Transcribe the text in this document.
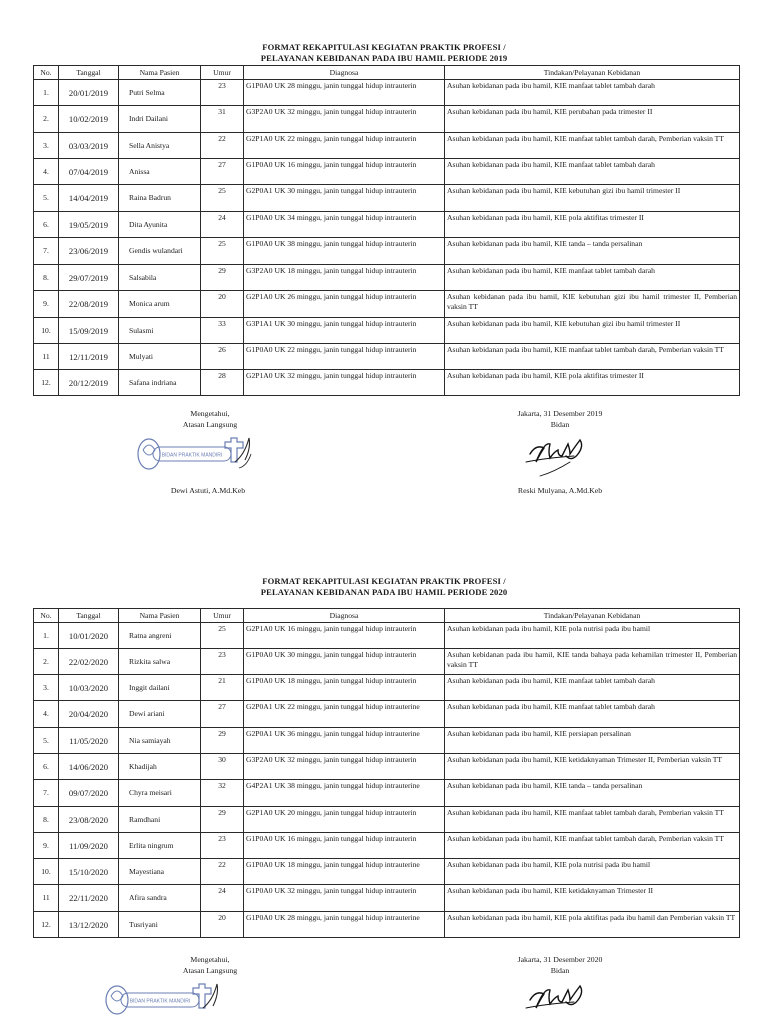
FORMAT REKAPITULASI KEGIATAN PRAKTIK PROFESI /
PELAYANAN KEBIDANAN PADA IBU HAMIL PERIODE 2019
No.	Tanggal	Nama Pasien	Umur	Diagnosa	Tindakan/Pelayanan Kebidanan
1.	20/01/2019	Putri Selma	23	G1P0A0 UK 28 minggu, janin tunggal hidup intrauterin	Asuhan kebidanan pada ibu hamil, KIE manfaat tablet tambah darah
2.	10/02/2019	Indri Dailani	31	G3P2A0 UK 32 minggu, janin tunggal hidup intrauterin	Asuhan kebidanan pada ibu hamil, KIE perubahan pada trimester II
3.	03/03/2019	Sella Anistya	22	G2P1A0 UK 22 minggu, janin tunggal hidup intrauterin	Asuhan kebidanan pada ibu hamil, KIE manfaat tablet tambah darah, Pemberian vaksin TT
4.	07/04/2019	Anissa	27	G1P0A0 UK 16 minggu, janin tunggal hidup intrauterin	Asuhan kebidanan pada ibu hamil, KIE manfaat tablet tambah darah
5.	14/04/2019	Raina Badrun	25	G2P0A1 UK 30 minggu, janin tunggal hidup intrauterin	Asuhan kebidanan pada ibu hamil, KIE kebutuhan gizi ibu hamil trimester II
6.	19/05/2019	Dita Ayunita	24	G1P0A0 UK 34 minggu, janin tunggal hidup intrauterin	Asuhan kebidanan pada ibu hamil, KIE pola aktifitas trimester II
7.	23/06/2019	Gendis wulandari	25	G1P0A0 UK 38 minggu, janin tunggal hidup intrauterin	Asuhan kebidanan pada ibu hamil, KIE tanda – tanda persalinan
8.	29/07/2019	Salsabila	29	G3P2A0 UK 18 minggu, janin tunggal hidup intrauterin	Asuhan kebidanan pada ibu hamil, KIE manfaat tablet tambah darah
9.	22/08/2019	Monica arum	20	G2P1A0 UK 26 minggu, janin tunggal hidup intrauterin	Asuhan kebidanan pada ibu hamil, KIE kebutuhan gizi ibu hamil trimester II, Pemberian vaksin TT
10.	15/09/2019	Sulasmi	33	G3P1A1 UK 30 minggu, janin tunggal hidup intrauterin	Asuhan kebidanan pada ibu hamil, KIE kebutuhan gizi ibu hamil trimester II
11	12/11/2019	Mulyati	26	G1P0A0 UK 22 minggu, janin tunggal hidup intrauterin	Asuhan kebidanan pada ibu hamil, KIE manfaat tablet tambah darah, Pemberian vaksin TT
12.	20/12/2019	Safana indriana	28	G2P1A0 UK 32 minggu, janin tunggal hidup intrauterin	Asuhan kebidanan pada ibu hamil, KIE pola aktifitas trimester II
Mengetahui,
Atasan Langsung
BIDAN PRAKTIK MANDIRI
Dewi Astuti, A.Md.Keb
Jakarta, 31 Desember 2019
Bidan
Reski Mulyana, A.Md.Keb
FORMAT REKAPITULASI KEGIATAN PRAKTIK PROFESI /
PELAYANAN KEBIDANAN PADA IBU HAMIL PERIODE 2020
No.	Tanggal	Nama Pasien	Umur	Diagnosa	Tindakan/Pelayanan Kebidanan
1.	10/01/2020	Ratna angreni	25	G2P1A0 UK 16 minggu, janin tunggal hidup intrauterin	Asuhan kebidanan pada ibu hamil, KIE pola nutrisi pada ibu hamil
2.	22/02/2020	Rizkita salwa	23	G1P0A0 UK 30 minggu, janin tunggal hidup intrauterin	Asuhan kebidanan pada ibu hamil, KIE tanda bahaya pada kehamilan trimester II, Pemberian vaksin TT
3.	10/03/2020	Inggit dailani	21	G1P0A0 UK 18 minggu, janin tunggal hidup intrauterin	Asuhan kebidanan pada ibu hamil, KIE manfaat tablet tambah darah
4.	20/04/2020	Dewi ariani	27	G2P0A1 UK 22 minggu, janin tunggal hidup intrauterine	Asuhan kebidanan pada ibu hamil, KIE manfaat tablet tambah darah
5.	11/05/2020	Nia samiayah	29	G2P0A1 UK 36 minggu, janin tunggal hidup intrauterine	Asuhan kebidanan pada ibu hamil, KIE persiapan persalinan
6.	14/06/2020	Khadijah	30	G3P2A0 UK 32 minggu, janin tunggal hidup intrauterin	Asuhan kebidanan pada ibu hamil, KIE ketidaknyaman Trimester II, Pemberian vaksin TT
7.	09/07/2020	Chyra meisari	32	G4P2A1 UK 38 minggu, janin tunggal hidup intrauterine	Asuhan kebidanan pada ibu hamil, KIE tanda – tanda persalinan
8.	23/08/2020	Ramdhani	29	G2P1A0 UK 20 minggu, janin tunggal hidup intrauterin	Asuhan kebidanan pada ibu hamil, KIE manfaat tablet tambah darah, Pemberian vaksin TT
9.	11/09/2020	Erlita ningrum	23	G1P0A0 UK 16 minggu, janin tunggal hidup intrauterin	Asuhan kebidanan pada ibu hamil, KIE manfaat tablet tambah darah, Pemberian vaksin TT
10.	15/10/2020	Mayestiana	22	G1P0A0 UK 18 minggu, janin tunggal hidup intrauterine	Asuhan kebidanan pada ibu hamil, KIE pola nutrisi pada ibu hamil
11	22/11/2020	Afira sandra	24	G1P0A0 UK 32 minggu, janin tunggal hidup intrauterin	Asuhan kebidanan pada ibu hamil, KIE ketidaknyaman Trimester II
12.	13/12/2020	Tusriyani	20	G1P0A0 UK 28 minggu, janin tunggal hidup intrauterine	Asuhan kebidanan pada ibu hamil, KIE pola aktifitas pada ibu hamil dan Pemberian vaksin TT
Mengetahui,
Atasan Langsung
BIDAN PRAKTIK MANDIRI
Jakarta, 31 Desember 2020
Bidan
